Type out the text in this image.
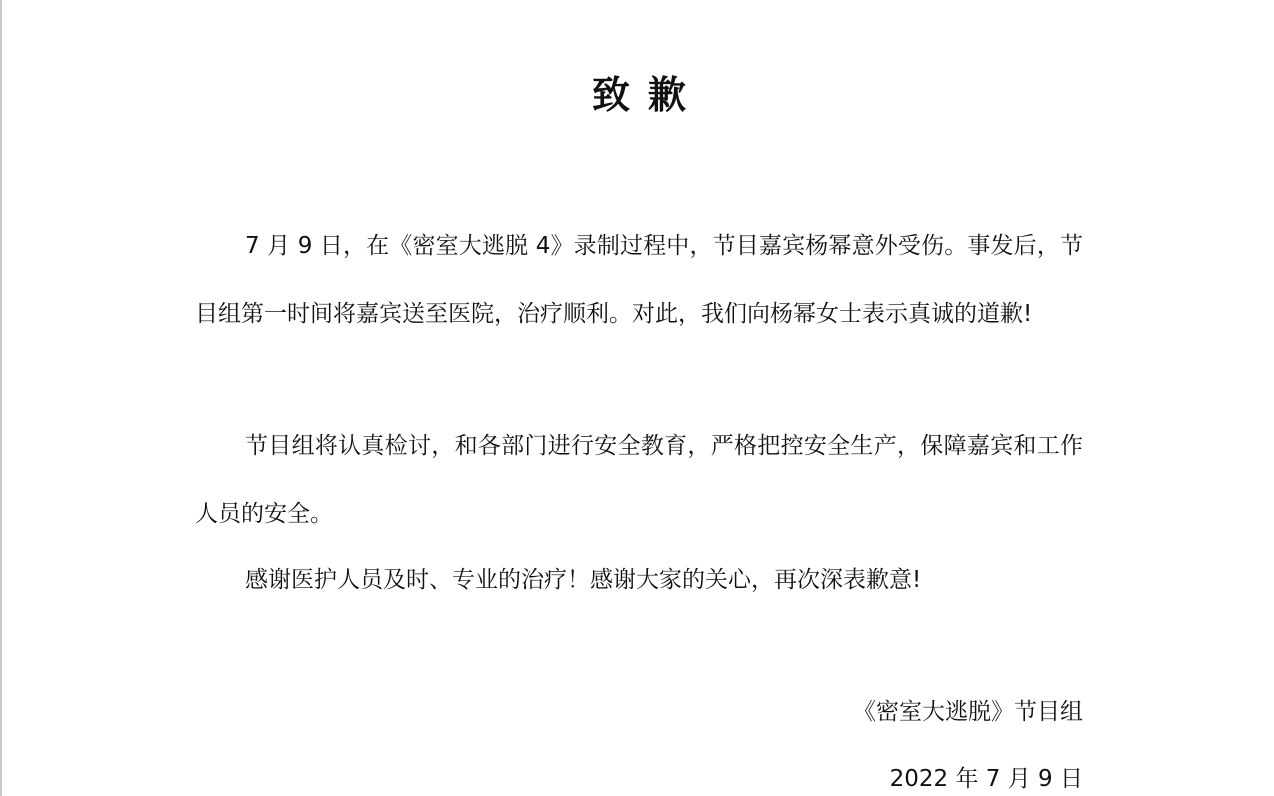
致歉

7 月 9 日，在《密室大逃脱 4》录制过程中，节目嘉宾杨幂意外受伤。事发后，节目组第一时间将嘉宾送至医院，治疗顺利。对此，我们向杨幂女士表示真诚的道歉!

节目组将认真检讨，和各部门进行安全教育，严格把控安全生产，保障嘉宾和工作人员的安全。

感谢医护人员及时、专业的治疗！感谢大家的关心，再次深表歉意!

《密室大逃脱》节目组

2022 年 7 月 9 日
